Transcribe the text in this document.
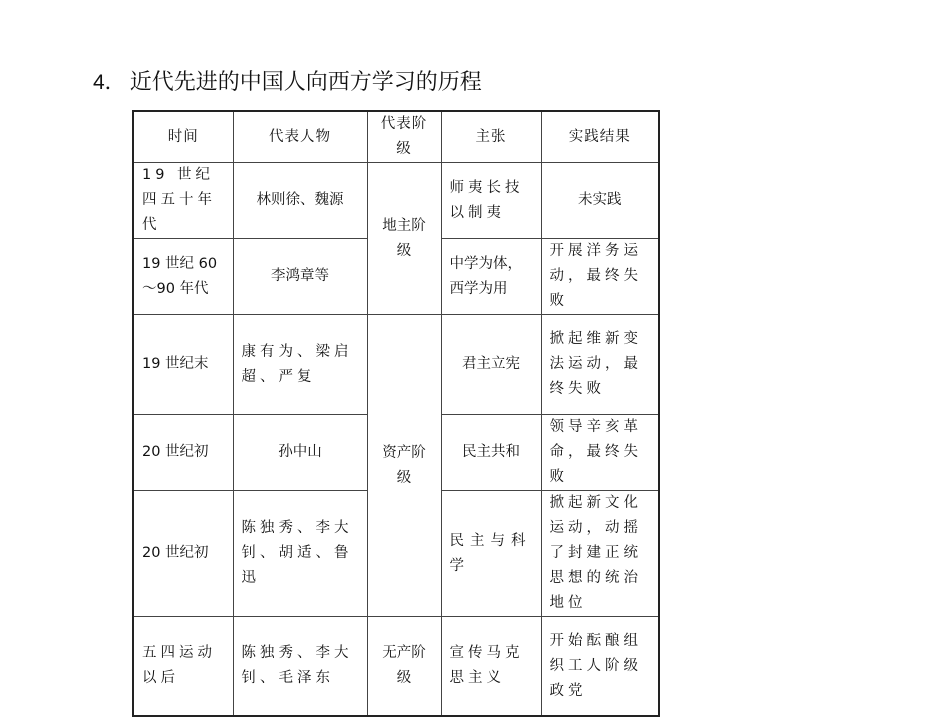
4． 近代先进的中国人向西方学习的历程
时间	代表人物	代表阶级	主张	实践结果
19 世纪四五十年代	林则徐、魏源	地主阶级	师夷长技以制夷	未实践
19 世纪 60～90 年代	李鸿章等		中学为体，西学为用	开展洋务运动，最终失败
19 世纪末	康有为、梁启超、严复	资产阶级	君主立宪	掀起维新变法运动，最终失败
20 世纪初	孙中山		民主共和	领导辛亥革命，最终失败
20 世纪初	陈独秀、李大钊、胡适、鲁迅		民主与科学	掀起新文化运动，动摇了封建正统思想的统治地位
五四运动以后	陈独秀、李大钊、毛泽东	无产阶级	宣传马克思主义	开始酝酿组织工人阶级政党
